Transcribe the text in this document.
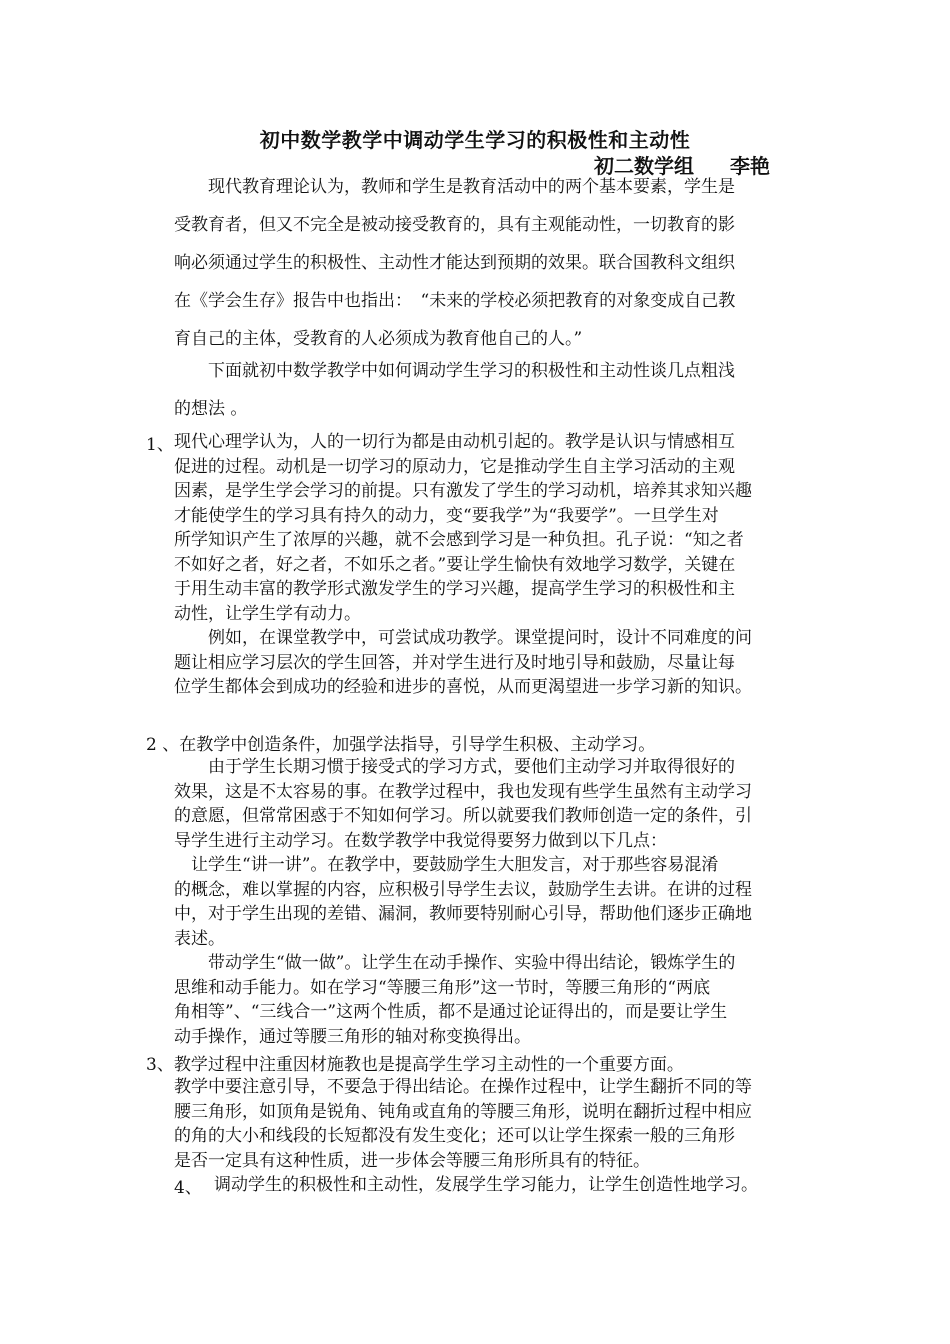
初中数学教学中调动学生学习的积极性和主动性
初二数学组 李艳
　　现代教育理论认为，教师和学生是教育活动中的两个基本要素，学生是
受教育者，但又不完全是被动接受教育的，具有主观能动性，一切教育的影
响必须通过学生的积极性、主动性才能达到预期的效果。联合国教科文组织
在《学会生存》报告中也指出：　“未来的学校必须把教育的对象变成自己教
育自己的主体，受教育的人必须成为教育他自己的人。”
　　下面就初中数学教学中如何调动学生学习的积极性和主动性谈几点粗浅
的想法 。
1、 现代心理学认为，人的一切行为都是由动机引起的。教学是认识与情感相互
促进的过程。动机是一切学习的原动力，它是推动学生自主学习活动的主观
因素，是学生学会学习的前提。只有激发了学生的学习动机，培养其求知兴趣
才能使学生的学习具有持久的动力，变“要我学”为“我要学”。一旦学生对
所学知识产生了浓厚的兴趣，就不会感到学习是一种负担。孔子说：“知之者
不如好之者，好之者，不如乐之者。”要让学生愉快有效地学习数学，关键在
于用生动丰富的教学形式激发学生的学习兴趣，提高学生学习的积极性和主
动性，让学生学有动力。
　　例如，在课堂教学中，可尝试成功教学。课堂提问时，设计不同难度的问
题让相应学习层次的学生回答，并对学生进行及时地引导和鼓励，尽量让每
位学生都体会到成功的经验和进步的喜悦，从而更渴望进一步学习新的知识。
2 、在教学中创造条件，加强学法指导，引导学生积极、主动学习。
　　由于学生长期习惯于接受式的学习方式，要他们主动学习并取得很好的
效果，这是不太容易的事。在教学过程中，我也发现有些学生虽然有主动学习
的意愿，但常常困惑于不知如何学习。所以就要我们教师创造一定的条件，引
导学生进行主动学习。在数学教学中我觉得要努力做到以下几点：
　让学生“讲一讲”。在教学中，要鼓励学生大胆发言，对于那些容易混淆
的概念，难以掌握的内容，应积极引导学生去议，鼓励学生去讲。在讲的过程
中，对于学生出现的差错、漏洞，教师要特别耐心引导，帮助他们逐步正确地
表述。
　　带动学生“做一做”。让学生在动手操作、实验中得出结论，锻炼学生的
思维和动手能力。如在学习“等腰三角形”这一节时，等腰三角形的“两底
角相等”、“三线合一”这两个性质，都不是通过论证得出的，而是要让学生
动手操作，通过等腰三角形的轴对称变换得出。
3、教学过程中注重因材施教也是提高学生学习主动性的一个重要方面。
教学中要注意引导，不要急于得出结论。在操作过程中，让学生翻折不同的等
腰三角形，如顶角是锐角、钝角或直角的等腰三角形，说明在翻折过程中相应
的角的大小和线段的长短都没有发生变化；还可以让学生探索一般的三角形
是否一定具有这种性质，进一步体会等腰三角形所具有的特征。
4、 调动学生的积极性和主动性，发展学生学习能力，让学生创造性地学习。
